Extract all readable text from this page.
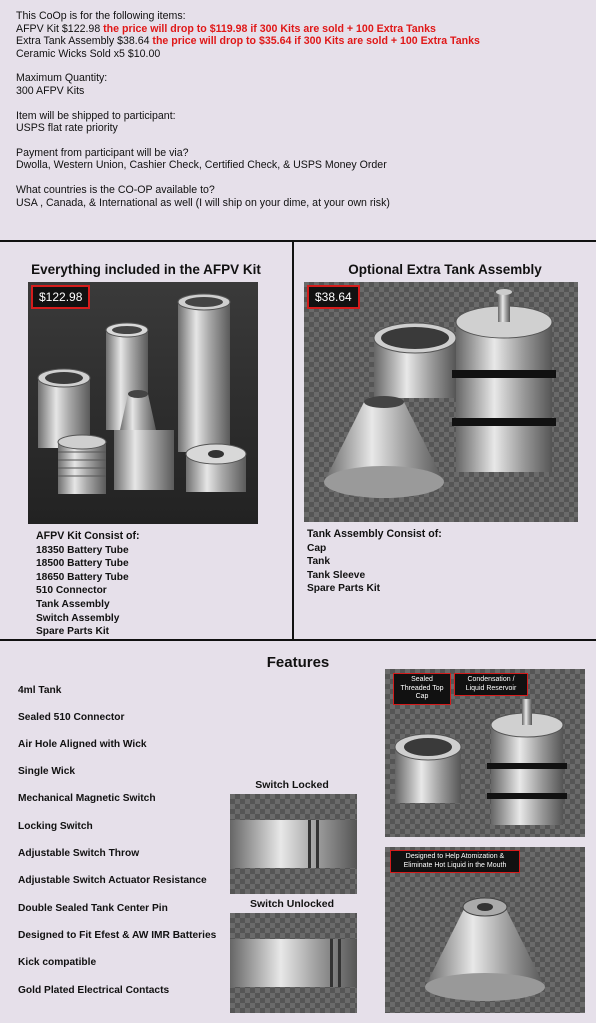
This CoOp is for the following items:
AFPV Kit $122.98 the price will drop to $119.98 if 300 Kits are sold + 100 Extra Tanks
Extra Tank Assembly $38.64 the price will drop to $35.64 if 300 Kits are sold + 100 Extra Tanks
Ceramic Wicks Sold x5 $10.00
Maximum Quantity:
300 AFPV Kits
Item will be shipped to participant:
USPS flat rate priority
Payment from participant will be via?
Dwolla, Western Union, Cashier Check, Certified Check, & USPS Money Order
What countries is the CO-OP available to?
USA , Canada, & International as well (I will ship on your dime, at your own risk)
Everything included in the AFPV Kit
$122.98
AFPV Kit Consist of:
18350 Battery Tube
18500 Battery Tube
18650 Battery Tube
510 Connector
Tank Assembly
Switch Assembly
Spare Parts Kit
Optional Extra Tank Assembly
$38.64
Tank Assembly Consist of:
Cap
Tank
Tank Sleeve
Spare Parts Kit
Features
4ml Tank
Sealed 510 Connector
Air Hole Aligned with Wick
Single Wick
Mechanical Magnetic Switch
Locking Switch
Adjustable Switch Throw
Adjustable Switch Actuator Resistance
Double Sealed Tank Center Pin
Designed to Fit Efest & AW IMR Batteries
Kick compatible
Gold Plated Electrical Contacts
Switch Locked
Switch Unlocked
Sealed Threaded Top Cap
Condensation / Liquid Reservoir
Designed to Help Atomization & Eliminate Hot Liquid in the Mouth
